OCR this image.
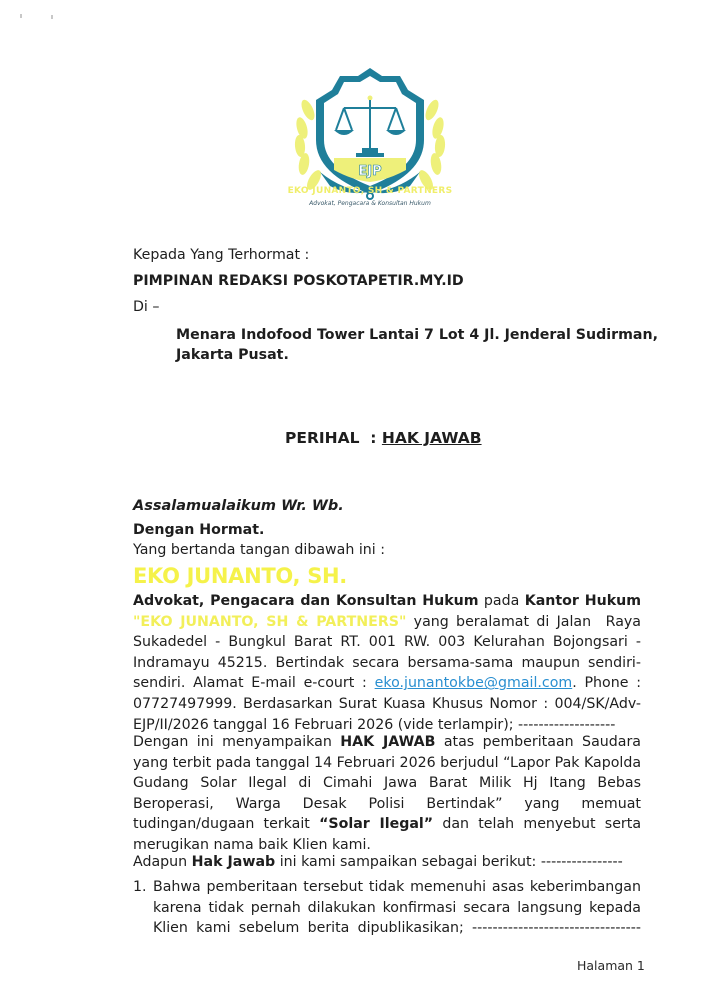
EJP
EKO JUNANTO, SH & PARTNERS
Advokat, Pengacara & Konsultan Hukum
Kepada Yang Terhormat :
PIMPINAN REDAKSI POSKOTAPETIR.MY.ID
Di –
Menara Indofood Tower Lantai 7 Lot 4 Jl. Jenderal Sudirman,
Jakarta Pusat.
PERIHAL  : HAK JAWAB
Assalamualaikum Wr. Wb.
Dengan Hormat.
Yang bertanda tangan dibawah ini :
EKO JUNANTO, SH.
Advokat, Pengacara dan Konsultan Hukum pada Kantor Hukum
"EKO JUNANTO, SH & PARTNERS" yang beralamat di Jalan  Raya
Sukadedel - Bungkul Barat RT. 001 RW. 003 Kelurahan Bojongsari -
Indramayu 45215. Bertindak secara bersama-sama maupun sendiri-
sendiri. Alamat E-mail e-court : eko.junantokbe@gmail.com. Phone :
07727497999. Berdasarkan Surat Kuasa Khusus Nomor : 004/SK/Adv-
EJP/II/2026 tanggal 16 Februari 2026 (vide terlampir); -------------------
Dengan ini menyampaikan HAK JAWAB atas pemberitaan Saudara
yang terbit pada tanggal 14 Februari 2026 berjudul “Lapor Pak Kapolda
Gudang Solar Ilegal di Cimahi Jawa Barat Milik Hj Itang Bebas
Beroperasi,  Warga  Desak  Polisi  Bertindak”  yang  memuat
tudingan/dugaan terkait “Solar Ilegal” dan telah menyebut serta
merugikan nama baik Klien kami.
Adapun Hak Jawab ini kami sampaikan sebagai berikut: ----------------
1. Bahwa pemberitaan tersebut tidak memenuhi asas keberimbangan
karena tidak pernah dilakukan konfirmasi secara langsung kepada
Klien kami sebelum berita dipublikasikan; ---------------------------------
Halaman 1
